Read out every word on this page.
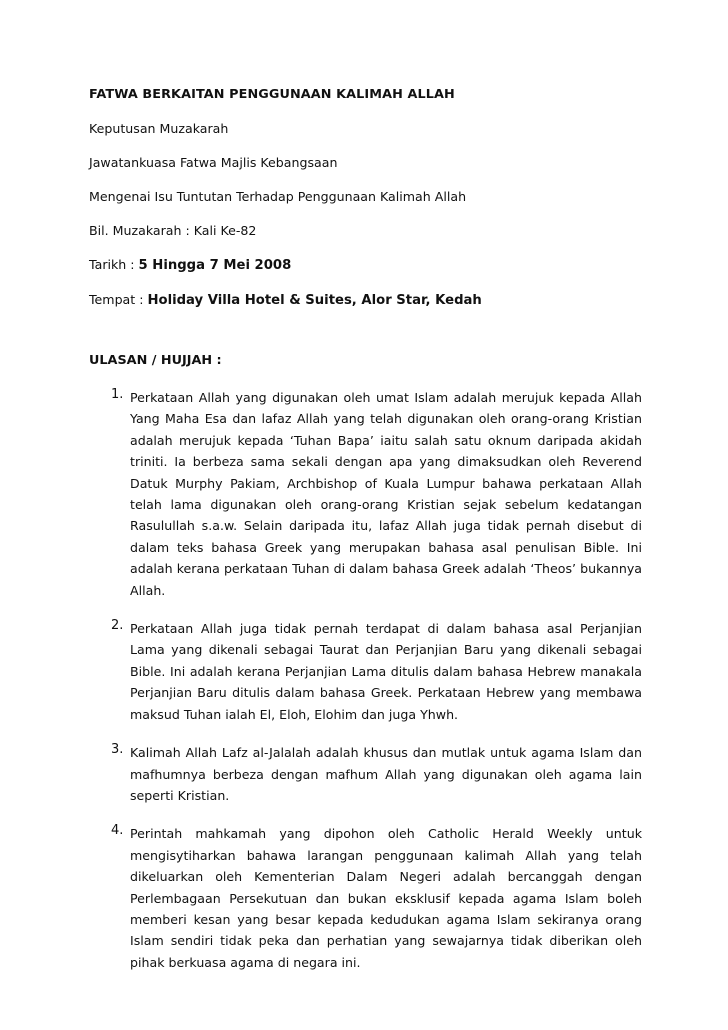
FATWA BERKAITAN PENGGUNAAN KALIMAH ALLAH

Keputusan Muzakarah

Jawatankuasa Fatwa Majlis Kebangsaan

Mengenai Isu Tuntutan Terhadap Penggunaan Kalimah Allah

Bil. Muzakarah : Kali Ke-82

Tarikh : 5 Hingga 7 Mei 2008

Tempat : Holiday Villa Hotel & Suites, Alor Star, Kedah

ULASAN / HUJJAH :

1. Perkataan Allah yang digunakan oleh umat Islam adalah merujuk kepada Allah Yang Maha Esa dan lafaz Allah yang telah digunakan oleh orang-orang Kristian adalah merujuk kepada ‘Tuhan Bapa’ iaitu salah satu oknum daripada akidah triniti. Ia berbeza sama sekali dengan apa yang dimaksudkan oleh Reverend Datuk Murphy Pakiam, Archbishop of Kuala Lumpur bahawa perkataan Allah telah lama digunakan oleh orang-orang Kristian sejak sebelum kedatangan Rasulullah s.a.w. Selain daripada itu, lafaz Allah juga tidak pernah disebut di dalam teks bahasa Greek yang merupakan bahasa asal penulisan Bible. Ini adalah kerana perkataan Tuhan di dalam bahasa Greek adalah ‘Theos’ bukannya Allah.

2. Perkataan Allah juga tidak pernah terdapat di dalam bahasa asal Perjanjian Lama yang dikenali sebagai Taurat dan Perjanjian Baru yang dikenali sebagai Bible. Ini adalah kerana Perjanjian Lama ditulis dalam bahasa Hebrew manakala Perjanjian Baru ditulis dalam bahasa Greek. Perkataan Hebrew yang membawa maksud Tuhan ialah El, Eloh, Elohim dan juga Yhwh.

3. Kalimah Allah Lafz al-Jalalah adalah khusus dan mutlak untuk agama Islam dan mafhumnya berbeza dengan mafhum Allah yang digunakan oleh agama lain seperti Kristian.

4. Perintah mahkamah yang dipohon oleh Catholic Herald Weekly untuk mengisytiharkan bahawa larangan penggunaan kalimah Allah yang telah dikeluarkan oleh Kementerian Dalam Negeri adalah bercanggah dengan Perlembagaan Persekutuan dan bukan eksklusif kepada agama Islam boleh memberi kesan yang besar kepada kedudukan agama Islam sekiranya orang Islam sendiri tidak peka dan perhatian yang sewajarnya tidak diberikan oleh pihak berkuasa agama di negara ini.
